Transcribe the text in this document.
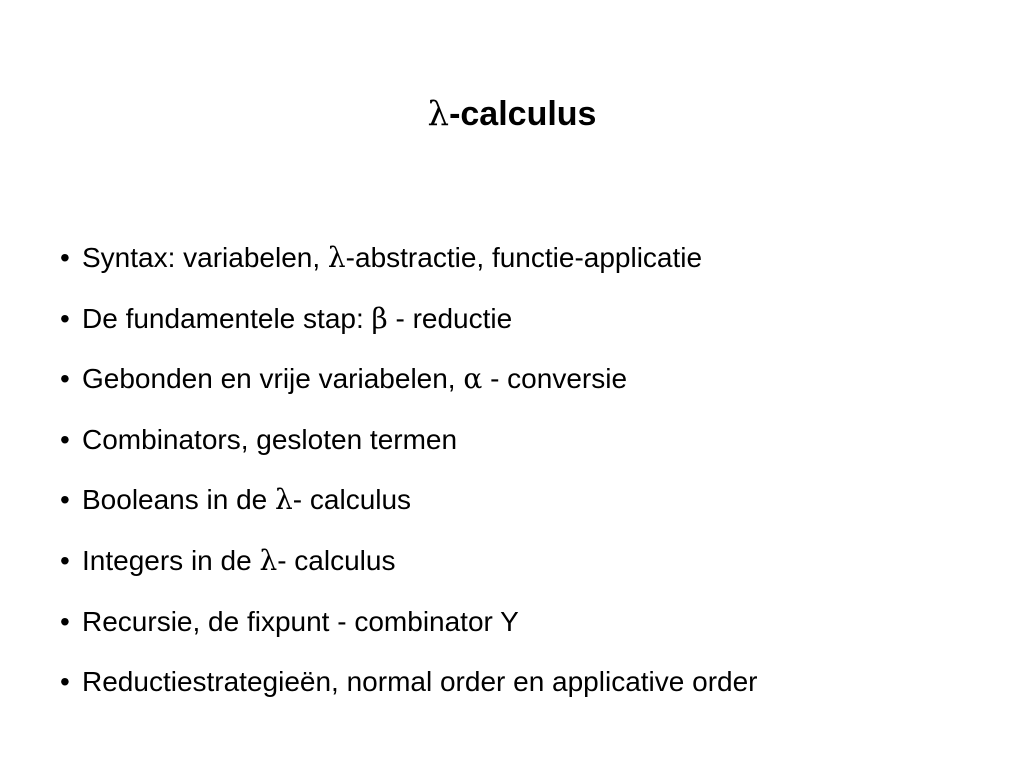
λ-calculus
• Syntax: variabelen, λ-abstractie, functie-applicatie
• De fundamentele stap: β - reductie
• Gebonden en vrije variabelen, α - conversie
• Combinators, gesloten termen
• Booleans in de λ- calculus
• Integers in de λ- calculus
• Recursie, de fixpunt - combinator Y
• Reductiestrategieën, normal order en applicative order
